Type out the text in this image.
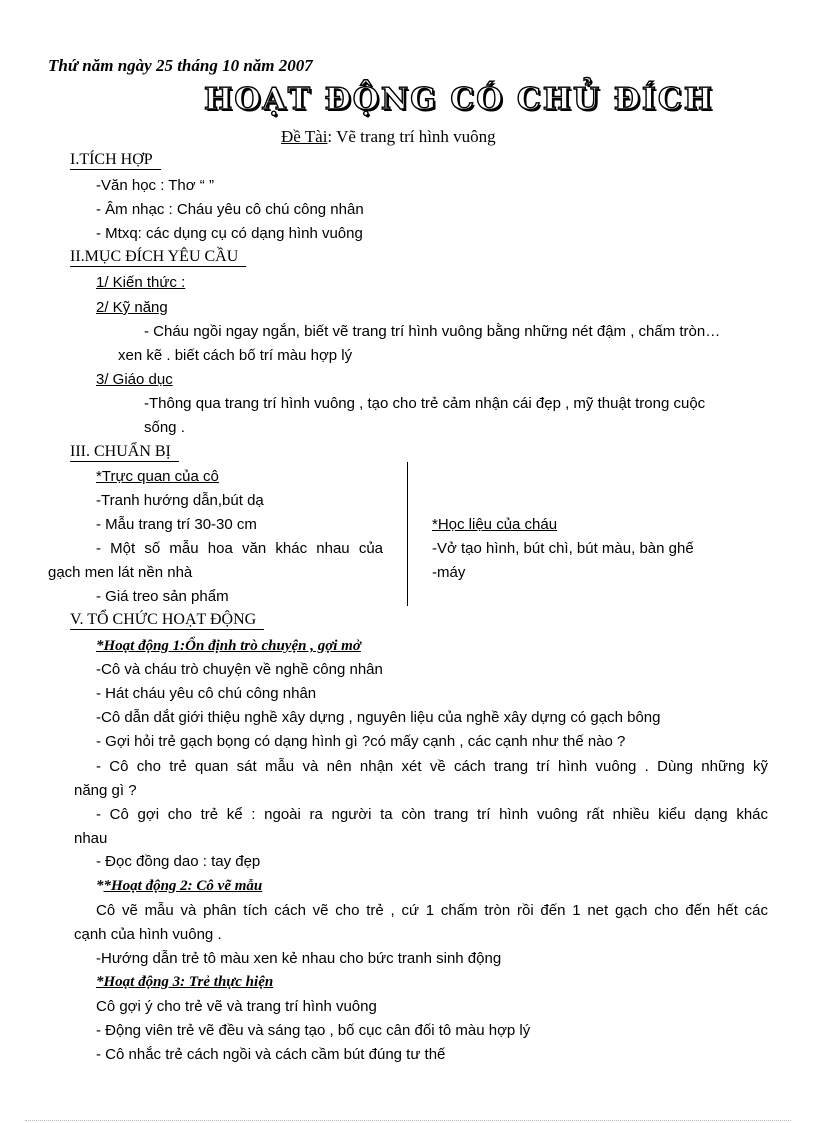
Thứ năm ngày 25 tháng 10 năm 2007
HOẠT ĐỘNG CÓ CHỦ ĐÍCH
Đề Tài: Vẽ trang trí hình vuông
I.TÍCH HỢP
-Văn học : Thơ “ ”
- Âm nhạc : Cháu yêu cô chú công nhân
- Mtxq: các dụng cụ có dạng hình vuông
II.MỤC ĐÍCH YÊU CẦU
1/ Kiến thức :
2/ Kỹ năng
- Cháu ngồi ngay ngắn, biết vẽ trang trí hình vuông bằng những nét đậm , chấm tròn…
xen kẽ . biết cách bố trí màu hợp lý
3/ Giáo dục
-Thông qua trang trí hình vuông , tạo cho trẻ cảm nhận cái đẹp , mỹ thuật trong cuộc
sống .
III. CHUẨN BỊ
*Trực quan của cô
-Tranh hướng dẫn,bút dạ
- Mẫu trang trí 30-30 cm
- Một số mẫu hoa văn khác nhau của
gạch men lát nền nhà
- Giá treo sản phẩm
*Học liệu của cháu
-Vở tạo hình, bút chì, bút màu, bàn ghế
-máy
V. TỔ CHỨC HOẠT ĐỘNG
*Hoạt động 1:Ổn định trò chuyện , gợi mở
-Cô và cháu trò chuyện về nghề công nhân
- Hát cháu yêu cô chú công nhân
-Cô dẫn dắt giới thiệu nghề xây dựng , nguyên liệu của nghề xây dựng có gạch bông
- Gợi hỏi trẻ gạch bọng có dạng hình gì ?có mấy cạnh , các cạnh như thế nào ?
- Cô cho trẻ quan sát mẫu và nên nhận xét về cách trang trí hình vuông . Dùng những kỹ
năng gì ?
- Cô gợi cho trẻ kể : ngoài ra người ta còn trang trí hình vuông rất nhiều kiểu dạng khác
nhau
- Đọc đồng dao : tay đẹp
**Hoạt động 2: Cô vẽ mẫu
Cô vẽ mẫu và phân tích cách vẽ cho trẻ , cứ 1 chấm tròn rồi đến 1 net gạch cho đến hết các
cạnh của hình vuông .
-Hướng dẫn trẻ tô màu xen kẻ nhau cho bức tranh sinh động
*Hoạt động 3: Trẻ thực hiện
Cô gợi ý cho trẻ vẽ và trang trí hình vuông
- Động viên trẻ vẽ đều và sáng tạo , bố cục cân đối tô màu hợp lý
- Cô nhắc trẻ cách ngồi và cách cầm bút đúng tư thế
